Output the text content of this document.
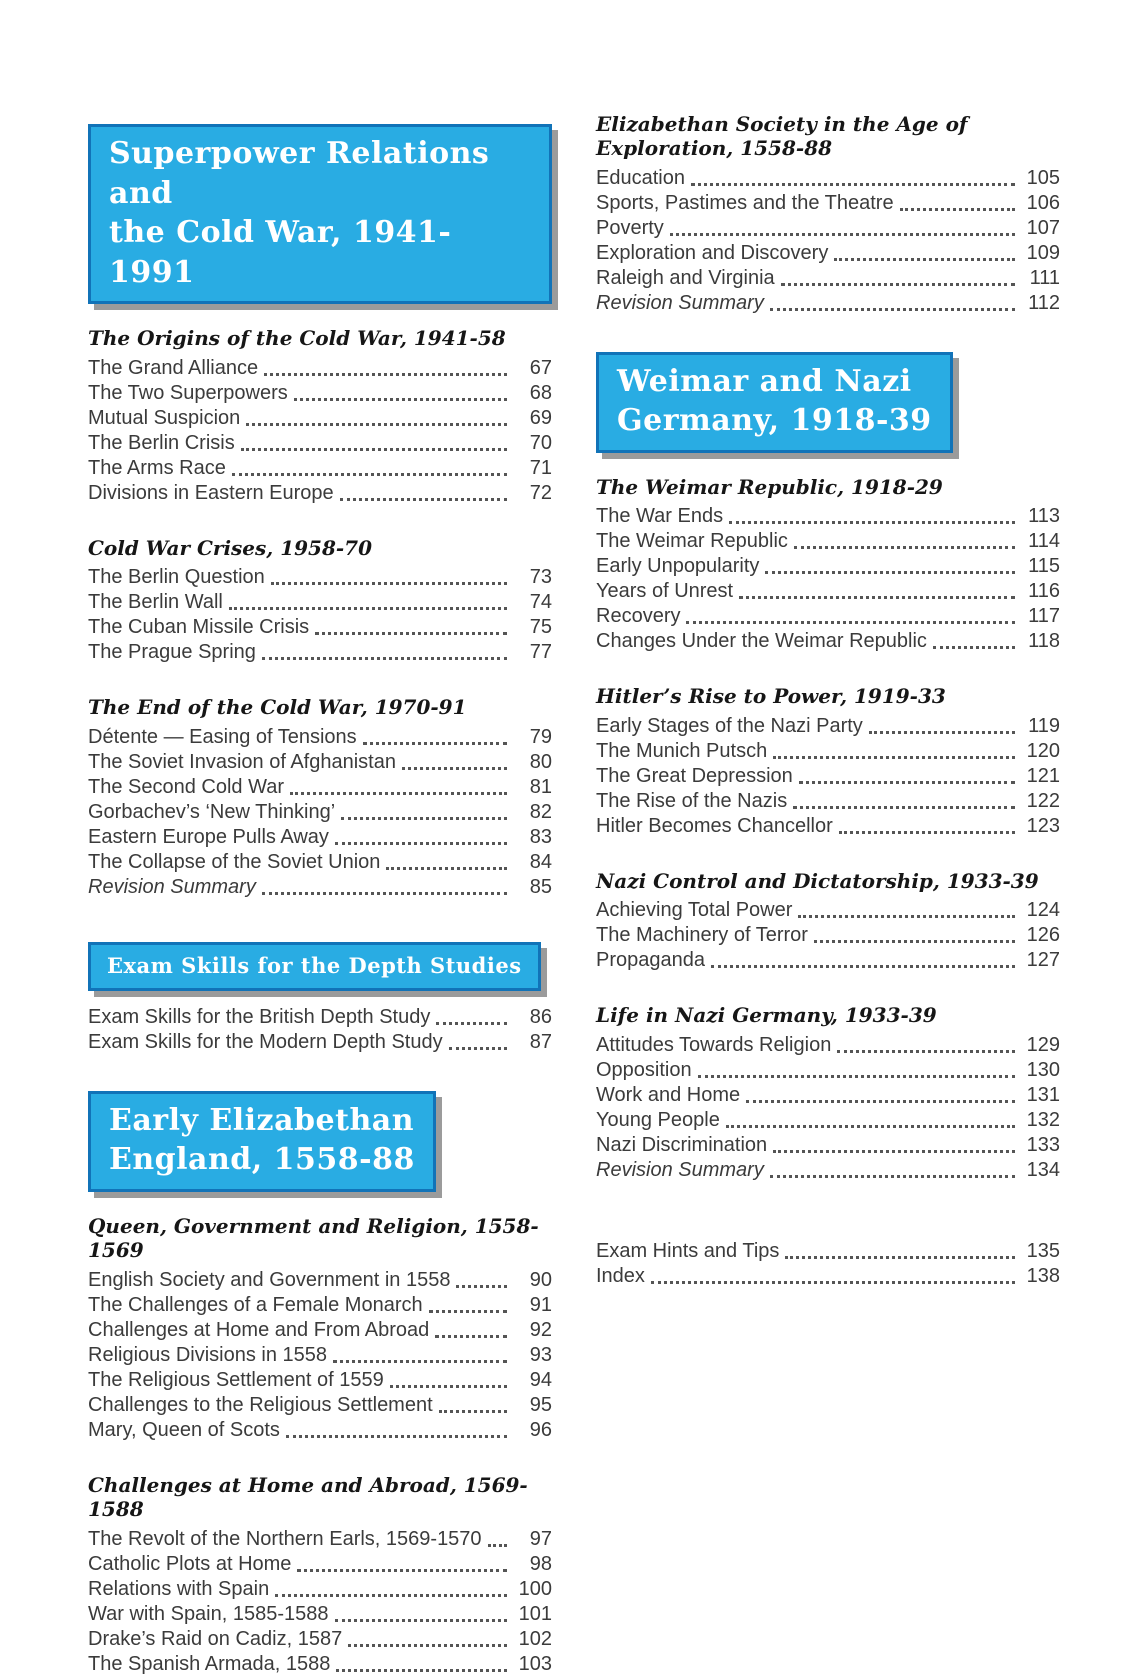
Superpower Relations and
the Cold War, 1941-1991
The Origins of the Cold War, 1941-58
The Grand Alliance	67
The Two Superpowers	68
Mutual Suspicion	69
The Berlin Crisis	70
The Arms Race	71
Divisions in Eastern Europe	72
Cold War Crises, 1958-70
The Berlin Question	73
The Berlin Wall	74
The Cuban Missile Crisis	75
The Prague Spring	77
The End of the Cold War, 1970-91
Détente — Easing of Tensions	79
The Soviet Invasion of Afghanistan	80
The Second Cold War	81
Gorbachev’s ‘New Thinking’	82
Eastern Europe Pulls Away	83
The Collapse of the Soviet Union	84
Revision Summary	85
Exam Skills for the Depth Studies
Exam Skills for the British Depth Study	86
Exam Skills for the Modern Depth Study	87
Early Elizabethan
England, 1558-88
Queen, Government and Religion, 1558-1569
English Society and Government in 1558	90
The Challenges of a Female Monarch	91
Challenges at Home and From Abroad	92
Religious Divisions in 1558	93
The Religious Settlement of 1559	94
Challenges to the Religious Settlement	95
Mary, Queen of Scots	96
Challenges at Home and Abroad, 1569-1588
The Revolt of the Northern Earls, 1569-1570	97
Catholic Plots at Home	98
Relations with Spain	100
War with Spain, 1585-1588	101
Drake’s Raid on Cadiz, 1587	102
The Spanish Armada, 1588	103
Elizabethan Society in the Age of Exploration, 1558-88
Education	105
Sports, Pastimes and the Theatre	106
Poverty	107
Exploration and Discovery	109
Raleigh and Virginia	111
Revision Summary	112
Weimar and Nazi
Germany, 1918-39
The Weimar Republic, 1918-29
The War Ends	113
The Weimar Republic	114
Early Unpopularity	115
Years of Unrest	116
Recovery	117
Changes Under the Weimar Republic	118
Hitler’s Rise to Power, 1919-33
Early Stages of the Nazi Party	119
The Munich Putsch	120
The Great Depression	121
The Rise of the Nazis	122
Hitler Becomes Chancellor	123
Nazi Control and Dictatorship, 1933-39
Achieving Total Power	124
The Machinery of Terror	126
Propaganda	127
Life in Nazi Germany, 1933-39
Attitudes Towards Religion	129
Opposition	130
Work and Home	131
Young People	132
Nazi Discrimination	133
Revision Summary	134
Exam Hints and Tips	135
Index	138
